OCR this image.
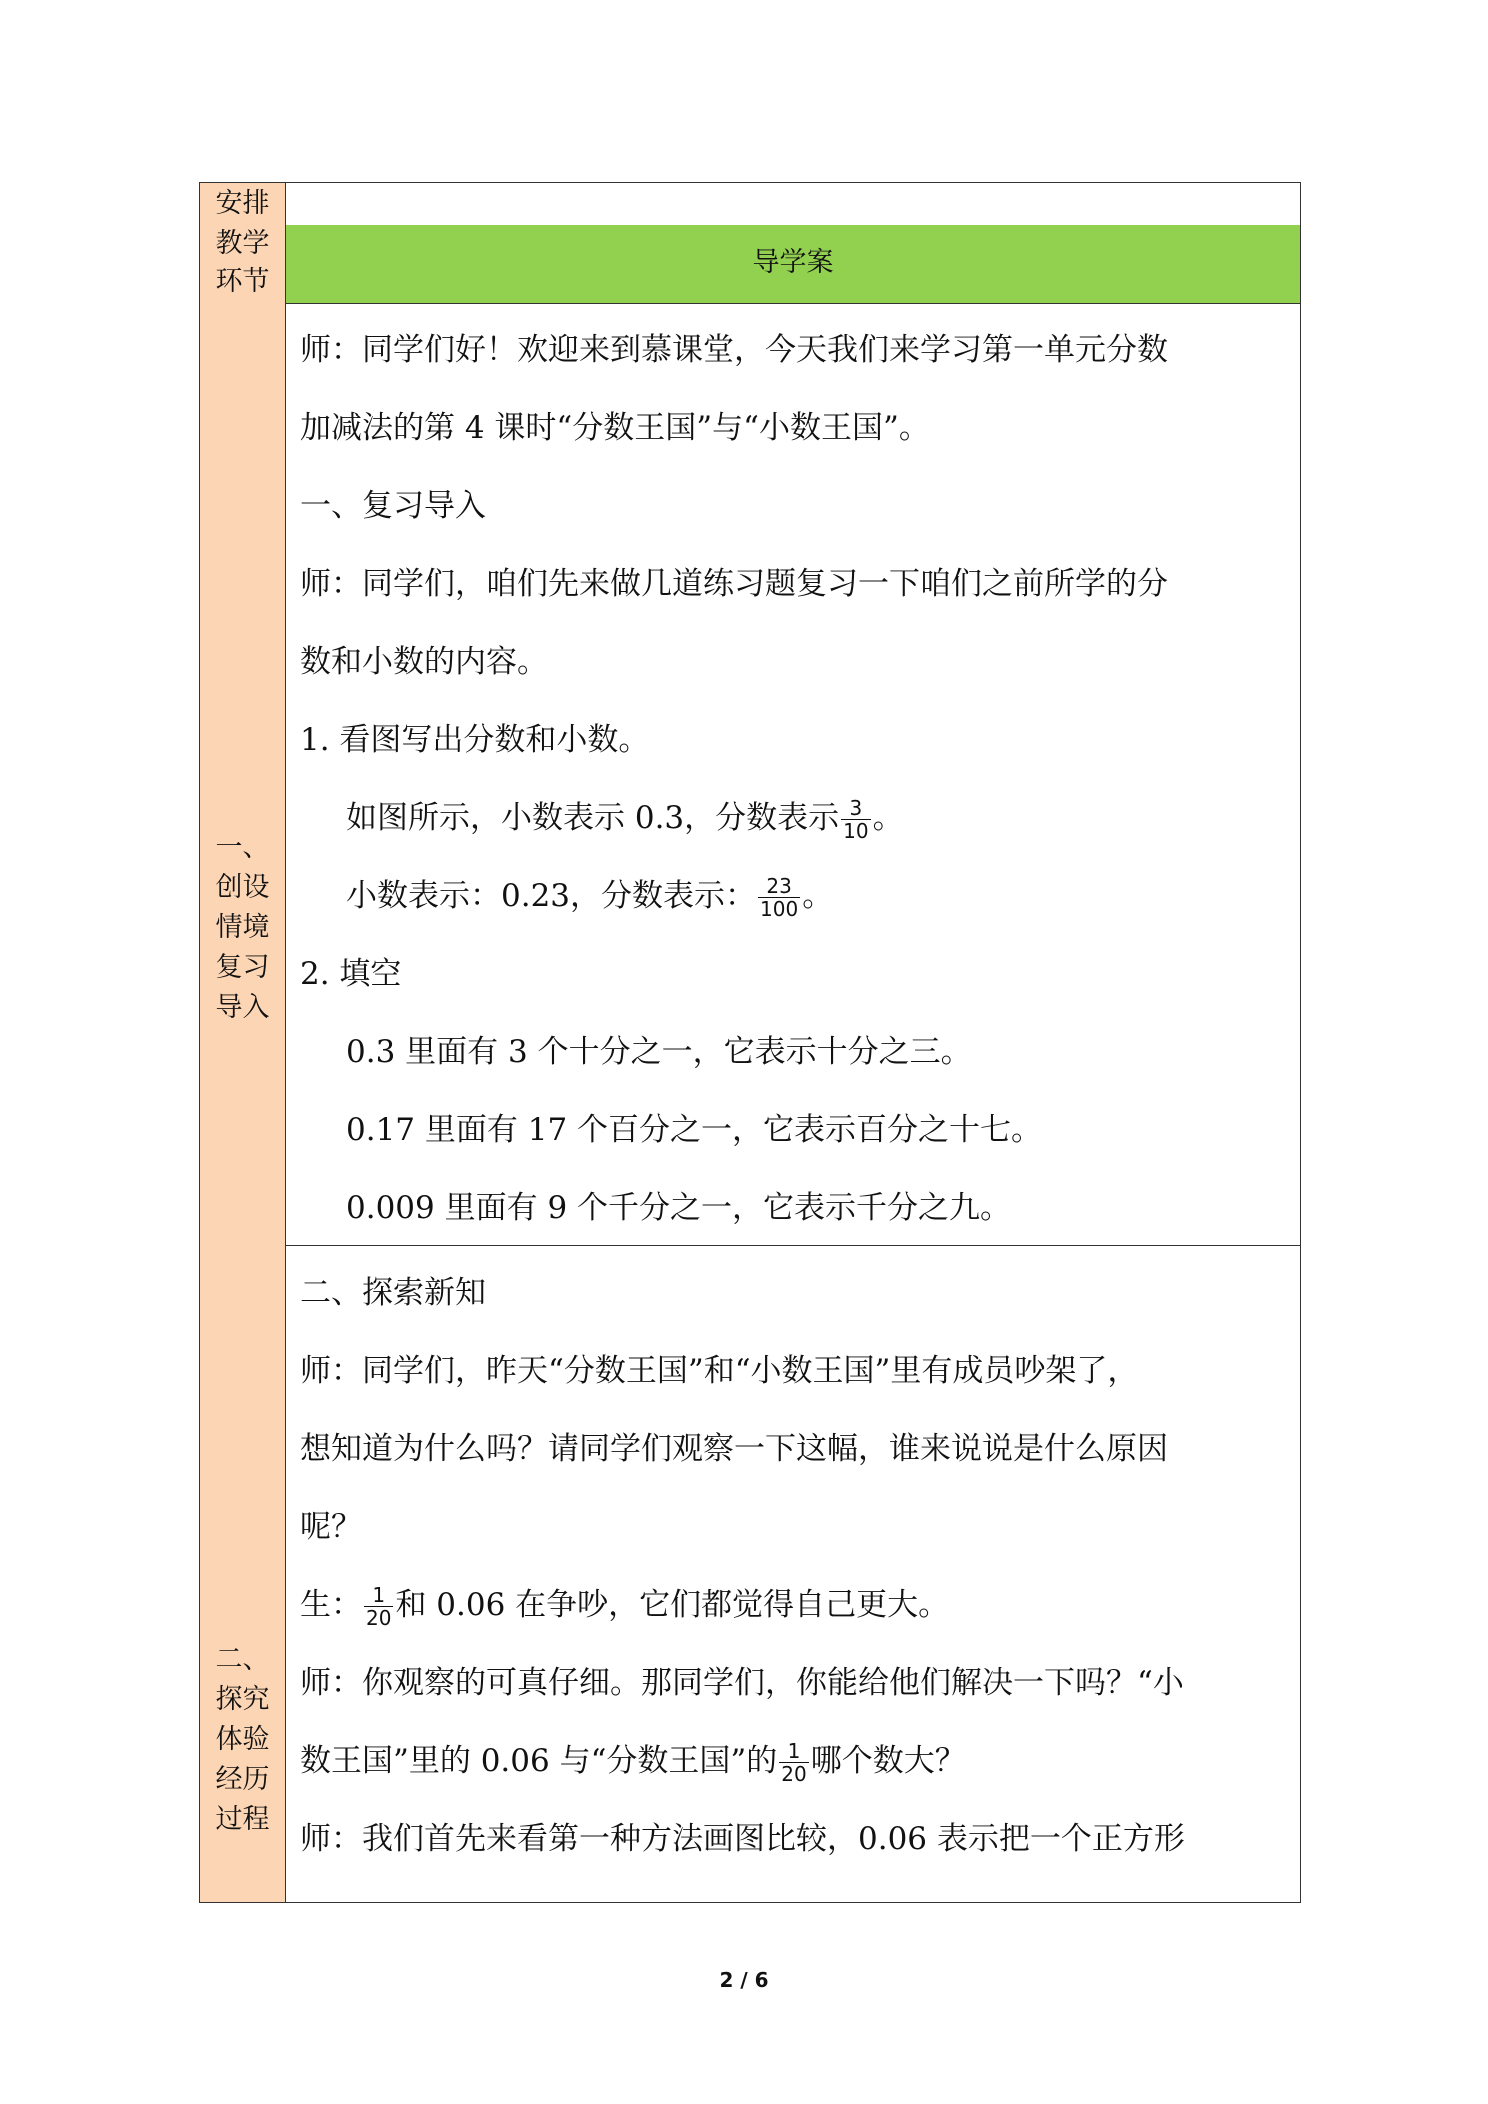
安排
教学
环节
导学案
一、
创设
情境
复习
导入
师：同学们好！欢迎来到慕课堂，今天我们来学习第一单元分数
加减法的第 4 课时“分数王国”与“小数王国”。
一、复习导入
师：同学们，咱们先来做几道练习题复习一下咱们之前所学的分
数和小数的内容。
1. 看图写出分数和小数。
如图所示，小数表示 0.3，分数表示 $\frac{3}{10}$ 。
小数表示：0.23，分数表示： $\frac{23}{100}$ 。
2. 填空
0.3 里面有 3 个十分之一，它表示十分之三。
0.17 里面有 17 个百分之一，它表示百分之十七。
0.009 里面有 9 个千分之一，它表示千分之九。
二、
探究
体验
经历
过程
二、探索新知
师：同学们，昨天“分数王国”和“小数王国”里有成员吵架了，
想知道为什么吗？请同学们观察一下这幅，谁来说说是什么原因
呢？
生： $\frac{1}{20}$ 和 0.06 在争吵，它们都觉得自己更大。
师：你观察的可真仔细。那同学们，你能给他们解决一下吗？“小
数王国”里的 0.06 与“分数王国”的 $\frac{1}{20}$ 哪个数大？
师：我们首先来看第一种方法画图比较，0.06 表示把一个正方形
2 / 6
